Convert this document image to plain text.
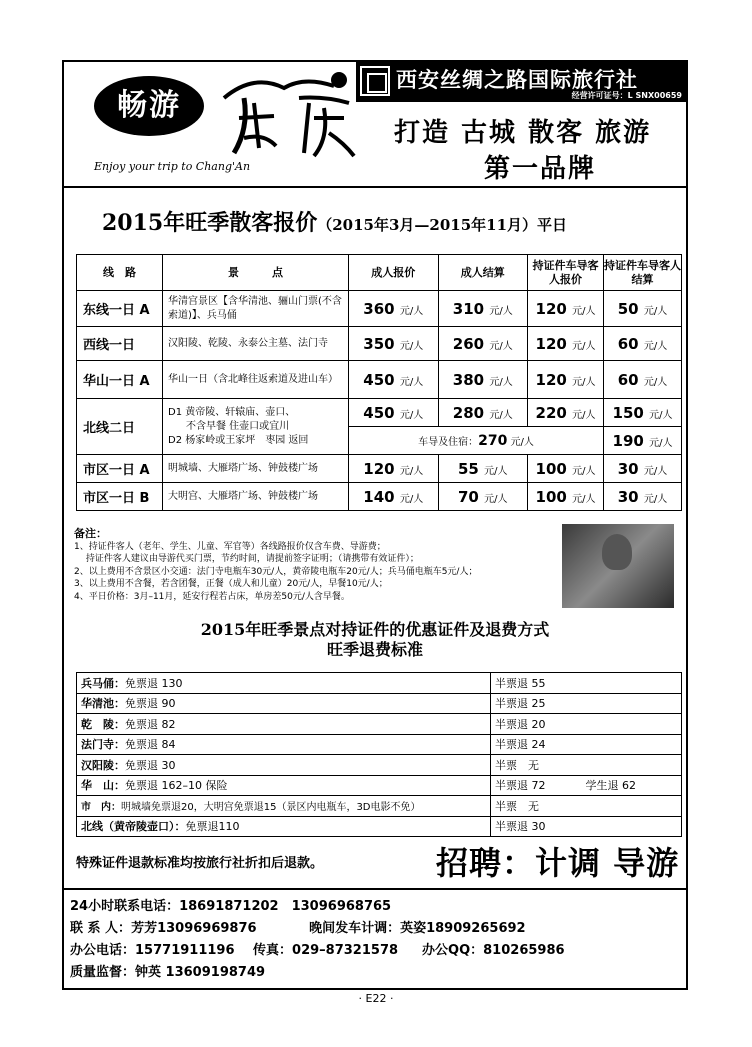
畅游
Enjoy your trip to Chang'An
西安丝绸之路国际旅行社
经营许可证号：L SNX00659
打造 古城 散客 旅游
第一品牌
2015年旺季散客报价（2015年3月—2015年11月）平日
线　路	景　　　点	成人报价	成人结算	持证件车导客人报价	持证件车导客人结算
东线一日 A	华清宫景区【含华清池、骊山门票(不含索道)】、兵马俑	360 元/人	310 元/人	120 元/人	50 元/人
西线一日	汉阳陵、乾陵、永泰公主墓、法门寺	350 元/人	260 元/人	120 元/人	60 元/人
华山一日 A	华山一日（含北峰往返索道及进山车）	450 元/人	380 元/人	120 元/人	60 元/人
北线二日	D1 黄帝陵、轩辕庙、壶口、
不含早餐 住壶口或宜川
D2 杨家岭或王家坪　枣园 返回	450 元/人	280 元/人	220 元/人	150 元/人
		车导及住宿：270 元/人			190 元/人
市区一日 A	明城墙、大雁塔广场、钟鼓楼广场	120 元/人	55 元/人	100 元/人	30 元/人
市区一日 B	大明宫、大雁塔广场、钟鼓楼广场	140 元/人	70 元/人	100 元/人	30 元/人
备注：
1、持证件客人（老年、学生、儿童、军官等）各线路报价仅含车费、导游费；
　 持证件客人建议由导游代买门票，节约时间，请提前签字证明；（请携带有效证件）；
2、以上费用不含景区小交通：法门寺电瓶车30元/人，黄帝陵电瓶车20元/人；兵马俑电瓶车5元/人；
3、以上费用不含餐，若含团餐，正餐（成人和儿童）20元/人，早餐10元/人；
4、平日价格：3月–11月，延安行程若占床，单房差50元/人含早餐。
2015年旺季景点对持证件的优惠证件及退费方式
旺季退费标准
兵马俑：免票退 130	半票退 55
华清池：免票退 90	半票退 25
乾　陵：免票退 82	半票退 20
法门寺：免票退 84	半票退 24
汉阳陵：免票退 30	半票　无
华　山：免票退 162–10 保险	半票退 72 学生退 62
市　内：明城墙免票退20，大明宫免票退15（景区内电瓶车，3D电影不免）	半票　无
北线（黄帝陵壶口）：免票退110	半票退 30
特殊证件退款标准均按旅行社折扣后退款。	招聘：计调 导游
24小时联系电话：18691871202　13096968765
联 系 人：芳芳13096969876	晚间发车计调：英姿18909265692
办公电话：15771911196 传真：029–87321578 办公QQ：810265986
质量监督：钟英 13609198749
· E22 ·
